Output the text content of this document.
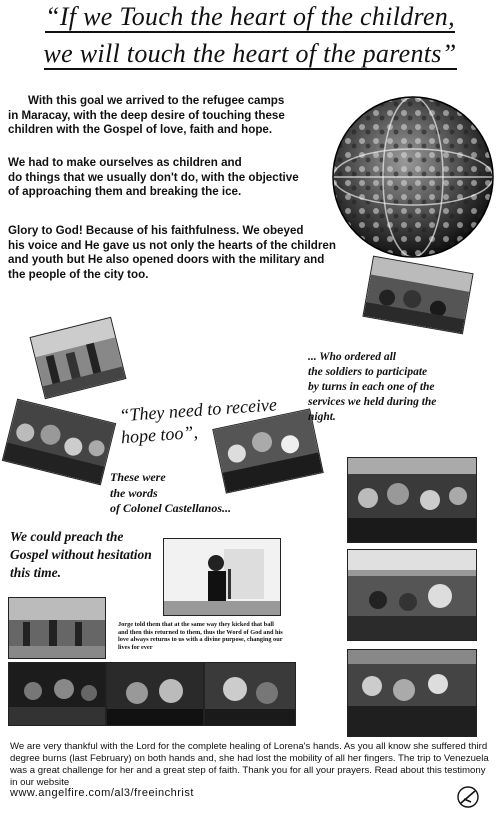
“If we Touch the heart of the children,
we will touch the heart of the parents”
With this goal we arrived to the refugee camps
in Maracay, with the deep desire of touching these
children with the Gospel of love, faith and hope.
We had to make ourselves as children and
do things that we usually don't do, with the objective
of approaching them and breaking the ice.
Glory to God! Because of his faithfulness. We obeyed
his voice and He gave us not only the hearts of the children
and youth but He also opened doors with the military and
the people of the city too.
... Who ordered all
the soldiers to participate
by turns in each one of the
services we held during the
night.
“They need to receive
hope too”,
These were
the words
of Colonel Castellanos...
We could preach the
Gospel without hesitation
this time.
Jorge told them that at the same way they kicked that ball
and then this returned to them, thus the Word of God and his
love always returns to us with a divine purpose, changing our
lives for ever
We are very thankful with the Lord for the complete healing of Lorena's hands. As you all know she suffered third degree burns (last February) on both hands and, she had lost the mobility of all her fingers. The trip to Venezuela was a great challenge for her and a great step of faith. Thank you for all your prayers. Read about this testimony in our website
www.angelfire.com/al3/freeinchrist
